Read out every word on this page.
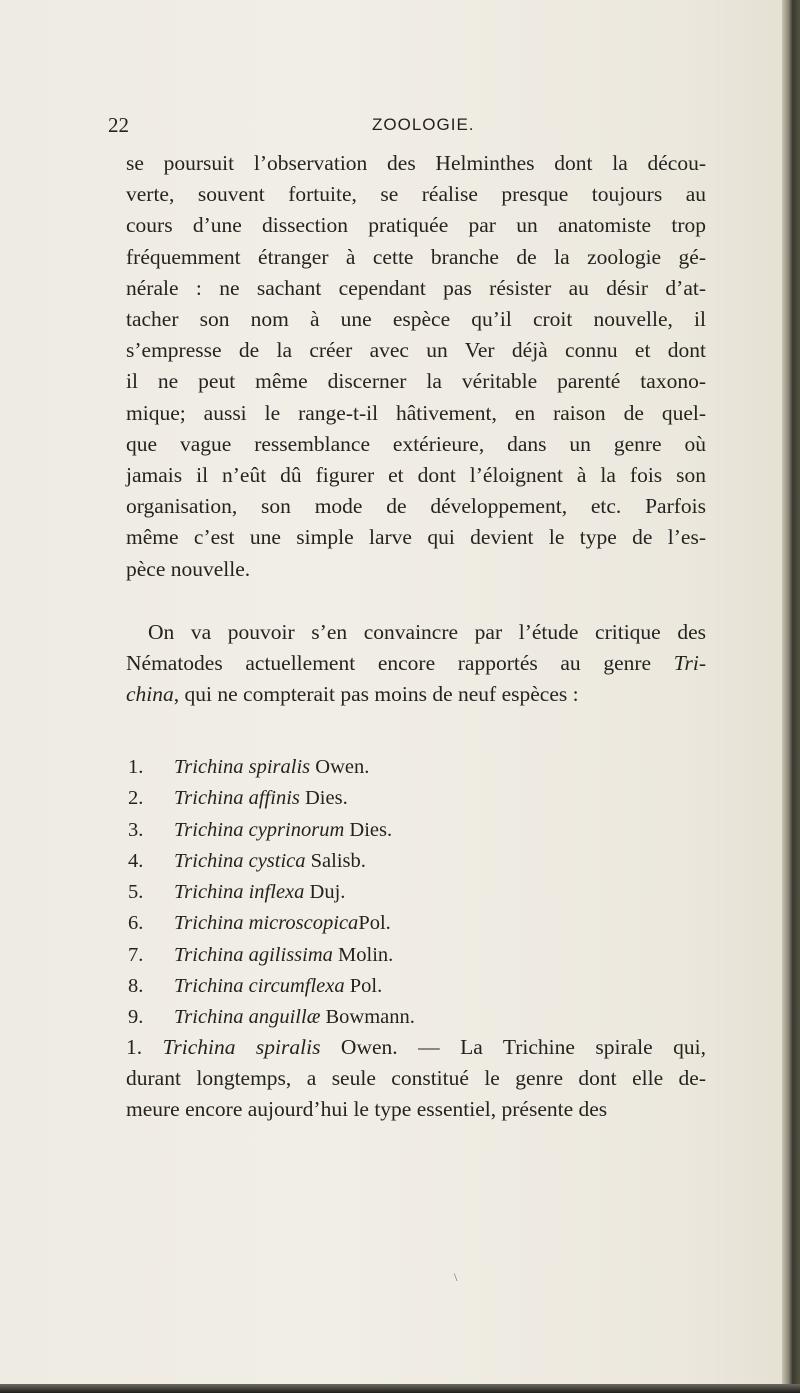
22	ZOOLOGIE.
se poursuit l’observation des Helminthes dont la décou-
verte, souvent fortuite, se réalise presque toujours au
cours d’une dissection pratiquée par un anatomiste trop
fréquemment étranger à cette branche de la zoologie gé-
nérale : ne sachant cependant pas résister au désir d’at-
tacher son nom à une espèce qu’il croit nouvelle, il
s’empresse de la créer avec un Ver déjà connu et dont
il ne peut même discerner la véritable parenté taxono-
mique; aussi le range-t-il hâtivement, en raison de quel-
que vague ressemblance extérieure, dans un genre où
jamais il n’eût dû figurer et dont l’éloignent à la fois son
organisation, son mode de développement, etc. Parfois
même c’est une simple larve qui devient le type de l’es-
pèce nouvelle.
On va pouvoir s’en convaincre par l’étude critique des
Nématodes actuellement encore rapportés au genre Tri-
china, qui ne compterait pas moins de neuf espèces :
1. Trichina spiralis Owen.
2. Trichina affinis Dies.
3. Trichina cyprinorum Dies.
4. Trichina cystica Salisb.
5. Trichina inflexa Duj.
6. Trichina microscopicaPol.
7. Trichina agilissima Molin.
8. Trichina circumflexa Pol.
9. Trichina anguillæ Bowmann.
1. Trichina spiralis Owen. — La Trichine spirale qui,
durant longtemps, a seule constitué le genre dont elle de-
meure encore aujourd’hui le type essentiel, présente des
\
